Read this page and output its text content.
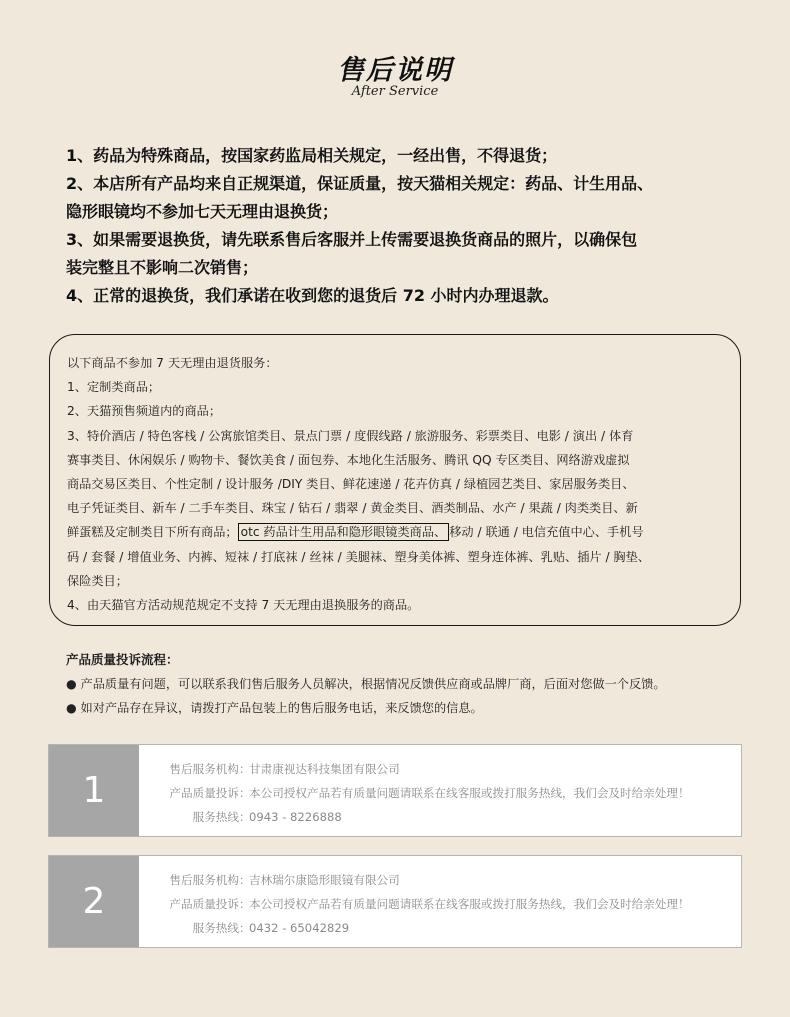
售后说明
After Service
1、药品为特殊商品，按国家药监局相关规定，一经出售，不得退货；
2、本店所有产品均来自正规渠道，保证质量，按天猫相关规定：药品、计生用品、
隐形眼镜均不参加七天无理由退换货；
3、如果需要退换货，请先联系售后客服并上传需要退换货商品的照片，以确保包
装完整且不影响二次销售；
4、正常的退换货，我们承诺在收到您的退货后 72 小时内办理退款。
以下商品不参加 7 天无理由退货服务：
1、定制类商品；
2、天猫预售频道内的商品；
3、特价酒店 / 特色客栈 / 公寓旅馆类目、景点门票 / 度假线路 / 旅游服务、彩票类目、电影 / 演出 / 体育
赛事类目、休闲娱乐 / 购物卡、餐饮美食 / 面包券、本地化生活服务、腾讯 QQ 专区类目、网络游戏虚拟
商品交易区类目、个性定制 / 设计服务 /DIY 类目、鲜花速递 / 花卉仿真 / 绿植园艺类目、家居服务类目、
电子凭证类目、新车 / 二手车类目、珠宝 / 钻石 / 翡翠 / 黄金类目、酒类制品、水产 / 果蔬 / 肉类类目、新
鲜蛋糕及定制类目下所有商品； otc 药品计生用品和隐形眼镜类商品、 移动 / 联通 / 电信充值中心、手机号
码 / 套餐 / 增值业务、内裤、短袜 / 打底袜 / 丝袜 / 美腿袜、塑身美体裤、塑身连体裤、乳贴、插片 / 胸垫、
保险类目；
4、由天猫官方活动规范规定不支持 7 天无理由退换服务的商品。
产品质量投诉流程：
● 产品质量有问题，可以联系我们售后服务人员解决，根据情况反馈供应商或品牌厂商，后面对您做一个反馈。
● 如对产品存在异议，请拨打产品包装上的售后服务电话，来反馈您的信息。
1
售后服务机构：甘肃康视达科技集团有限公司
产品质量投诉：本公司授权产品若有质量问题请联系在线客服或拨打服务热线，我们会及时给亲处理！
服务热线：0943 - 8226888
2
售后服务机构：吉林瑞尔康隐形眼镜有限公司
产品质量投诉：本公司授权产品若有质量问题请联系在线客服或拨打服务热线，我们会及时给亲处理！
服务热线：0432 - 65042829
